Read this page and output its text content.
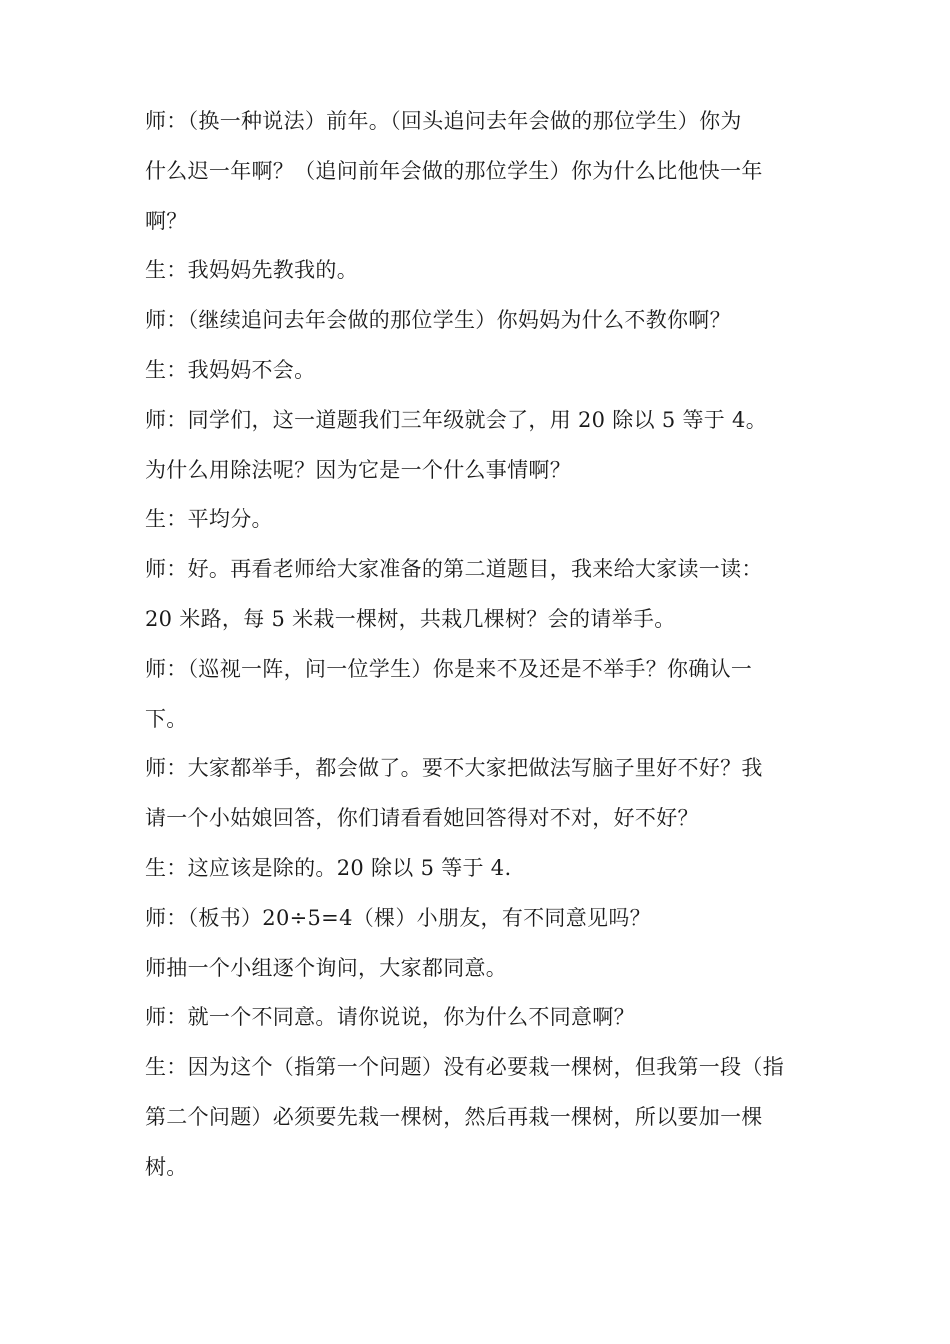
师：（换一种说法）前年。（回头追问去年会做的那位学生）你为
什么迟一年啊？（追问前年会做的那位学生）你为什么比他快一年
啊？
生：我妈妈先教我的。
师：（继续追问去年会做的那位学生）你妈妈为什么不教你啊？
生：我妈妈不会。
师：同学们，这一道题我们三年级就会了，用 20 除以 5 等于 4。
为什么用除法呢？因为它是一个什么事情啊？
生：平均分。
师：好。再看老师给大家准备的第二道题目，我来给大家读一读：
20 米路，每 5 米栽一棵树，共栽几棵树？会的请举手。
师：（巡视一阵，问一位学生）你是来不及还是不举手？你确认一
下。
师：大家都举手，都会做了。要不大家把做法写脑子里好不好？我
请一个小姑娘回答，你们请看看她回答得对不对，好不好？
生：这应该是除的。20 除以 5 等于 4.
师：（板书）20÷5=4（棵）小朋友，有不同意见吗？
师抽一个小组逐个询问，大家都同意。
师：就一个不同意。请你说说，你为什么不同意啊？
生：因为这个（指第一个问题）没有必要栽一棵树，但我第一段（指
第二个问题）必须要先栽一棵树，然后再栽一棵树，所以要加一棵
树。
